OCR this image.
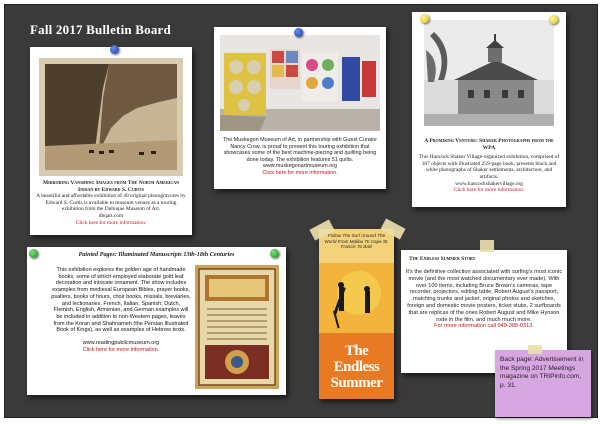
Fall 2017 Bulletin Board

Mirroring Vanishing Images from The North American Indian by Edward S. Curtis

A beautiful and affordable exhibition of 40 original photogravures by Edward S. Curtis is available to museum venues as a touring exhibition from the Dubuque Museum of Art.

dbqart.com

Click here for more information.

The Muskegon Museum of Art, in partnership with Guest Curator Nancy Crow, is proud to present this touring exhibition that showcases some of the best machine-piecing and quilting being done today. The exhibition features 51 quilts. www.muskegonartmuseum.org

Click here for more information.

A Promising Venture: Shaker Photographs from the WPA

This Hancock Shaker Village-organized exhibition, comprised of 187 objects with illustrated 259-page book, presents black and white photographs of Shaker settlements, architecture, and artifacts.

www.hancockshakervillage.org

Click here for more information.

Painted Pages: Illuminated Manuscripts 13th-18th Centuries

This exhibition explores the golden age of handmade books, some of which employed elaborate gold leaf decoration and intricate ornament. The show includes examples from medieval European Bibles, prayer books, psalters, books of hours, choir books, missals, breviaries, and lectionaries. French, Italian, Spanish, Dutch, Flemish, English, Armenian, and German examples will be included in addition to non-Western pages, leaves from the Koran and Shahnameh (the Persian Illustrated Book of Kings), as well as examples of Hebrew texts.

www.readingpublicmuseum.org

Click here for more information.

Follow The Surf Around The World From Malibu To Cape St. Francis To Bali!
The Endless
Summer

The Endless Summer Story

It's the definitive collection associated with surfing's most iconic movie (and the most watched documentary ever made). With over 100 items, including Bruce Brown's cameras, tape recorder, projectors, editing table, Robert August's passport, matching trunks and jacket, original photos and sketches, foreign and domestic movie posters, ticket stubs, 2 surfboards that are replicas of the ones Robert August and Mike Hynson rode in the film, and much much more.

For more information call 949-388-0313.

Back page: Advertisement in the Spring 2017 Meetings magazine on TRIPinfo.com, p. 31.
